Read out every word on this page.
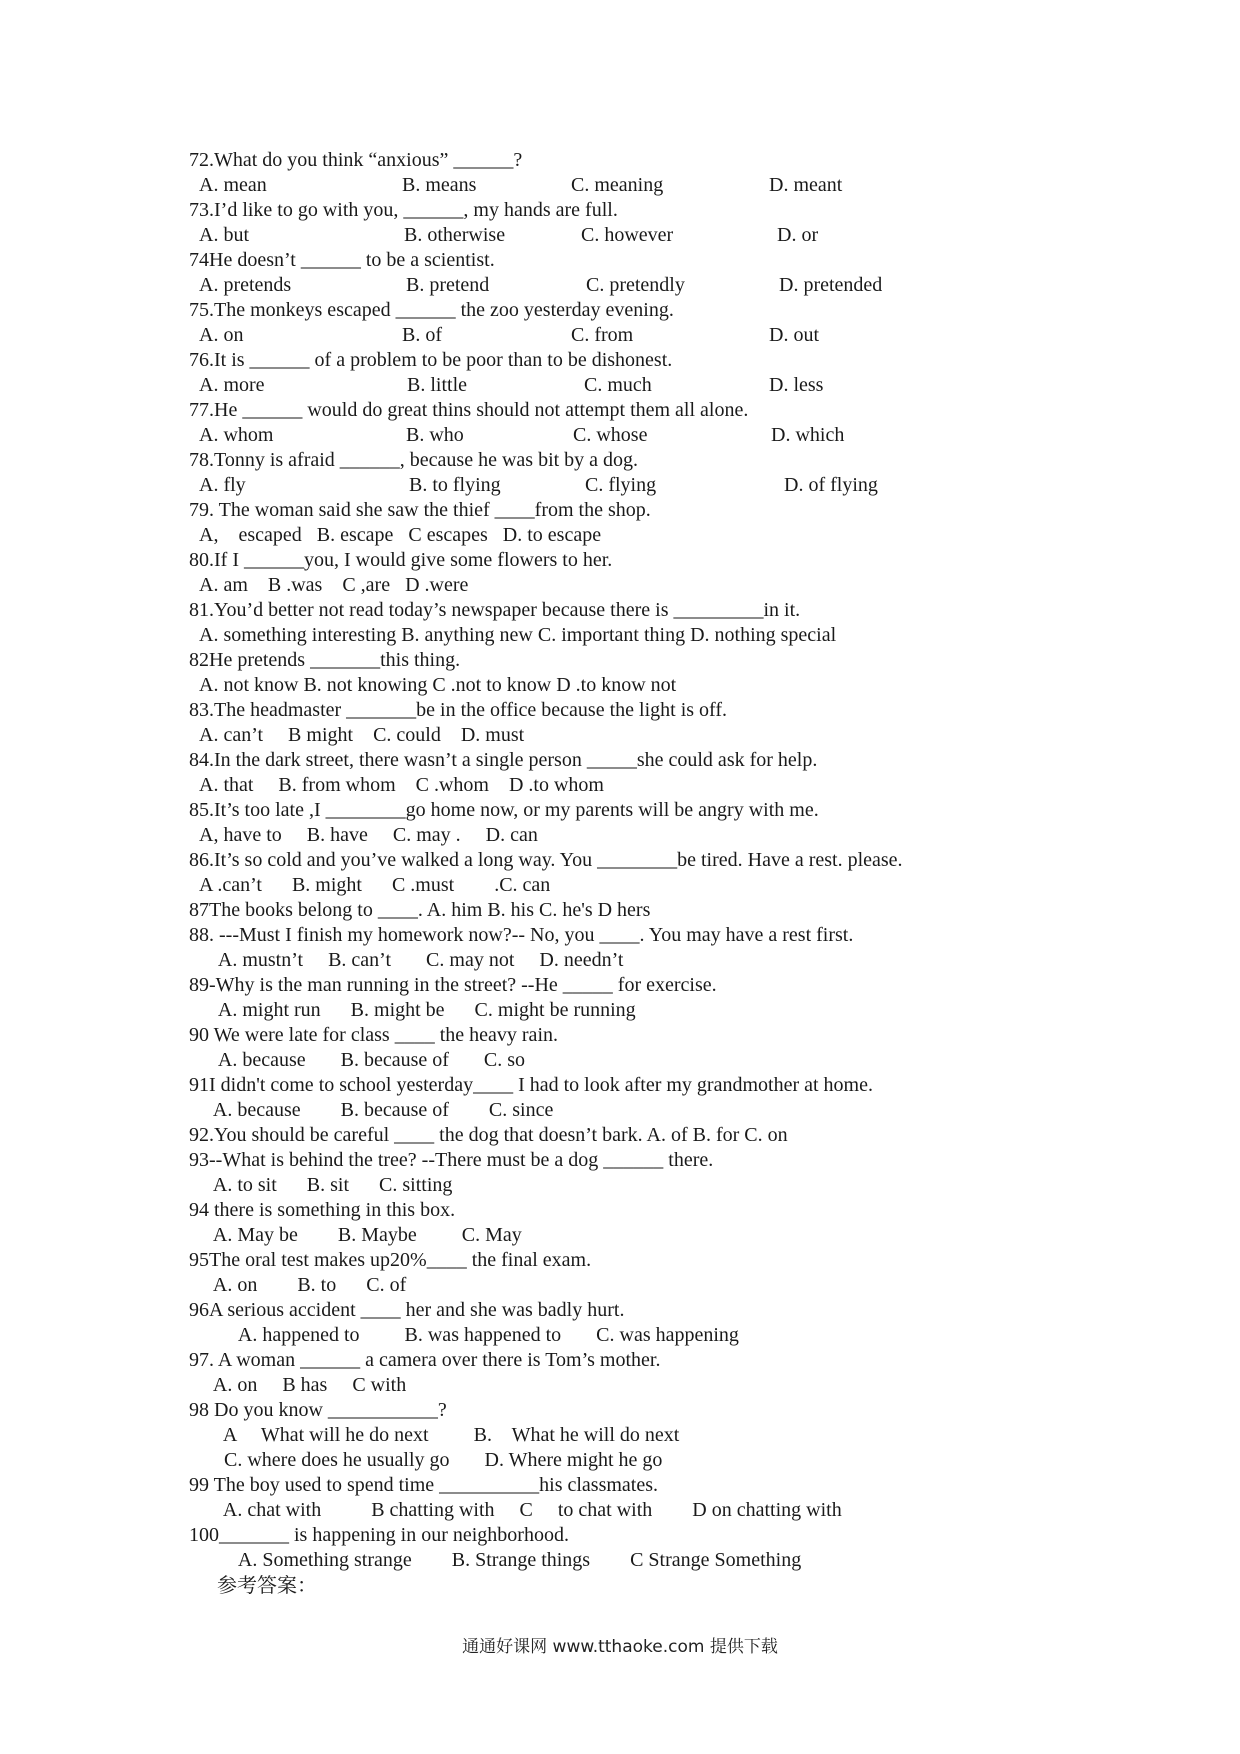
72.What do you think “anxious” ______?
A. mean	B. means	C. meaning	D. meant
73.I’d like to go with you, ______, my hands are full.
A. but	B. otherwise	C. however	D. or
74He doesn’t ______ to be a scientist.
A. pretends	B. pretend	C. pretendly	D. pretended
75.The monkeys escaped ______ the zoo yesterday evening.
A. on	B. of	C. from	D. out
76.It is ______ of a problem to be poor than to be dishonest.
A. more	B. little	C. much	D. less
77.He ______ would do great thins should not attempt them all alone.
A. whom	B. who	C. whose	D. which
78.Tonny is afraid ______, because he was bit by a dog.
A. fly	B. to flying	C. flying	D. of flying
79. The woman said she saw the thief ____from the shop.
A,    escaped   B. escape   C escapes   D. to escape
80.If I ______you, I would give some flowers to her.
A. am    B .was    C ,are   D .were
81.You’d better not read today’s newspaper because there is _________in it.
A. something interesting B. anything new C. important thing D. nothing special
82He pretends _______this thing.
A. not know B. not knowing C .not to know D .to know not
83.The headmaster _______be in the office because the light is off.
A. can’t     B might    C. could    D. must
84.In the dark street, there wasn’t a single person _____she could ask for help.
A. that     B. from whom    C .whom    D .to whom
85.It’s too late ,I ________go home now, or my parents will be angry with me.
A, have to     B. have     C. may .     D. can
86.It’s so cold and you’ve walked a long way. You ________be tired. Have a rest. please.
A .can’t      B. might      C .must        .C. can
87The books belong to ____. A. him B. his C. he's D hers
88. ---Must I finish my homework now?-- No, you ____. You may have a rest first.
A. mustn’t     B. can’t       C. may not     D. needn’t
89-Why is the man running in the street? --He _____ for exercise.
A. might run      B. might be      C. might be running
90 We were late for class ____ the heavy rain.
A. because       B. because of       C. so
91I didn't come to school yesterday____ I had to look after my grandmother at home.
A. because        B. because of        C. since
92.You should be careful ____ the dog that doesn’t bark. A. of B. for C. on
93--What is behind the tree? --There must be a dog ______ there.
A. to sit      B. sit      C. sitting
94 there is something in this box.
A. May be        B. Maybe         C. May
95The oral test makes up20%____ the final exam.
A. on        B. to      C. of
96A serious accident ____ her and she was badly hurt.
A. happened to         B. was happened to       C. was happening
97. A woman ______ a camera over there is Tom’s mother.
A. on     B has     C with
98 Do you know ___________?
A     What will he do next         B.    What he will do next
C. where does he usually go       D. Where might he go
99 The boy used to spend time __________his classmates.
A. chat with          B chatting with     C     to chat with        D on chatting with
100_______ is happening in our neighborhood.
A. Something strange        B. Strange things        C Strange Something
参考答案：
通通好课网 www.tthaoke.com 提供下载
